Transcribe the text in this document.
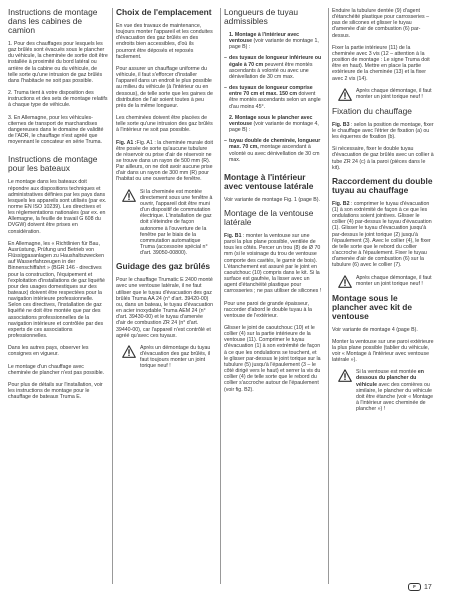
Instructions de montage dans les cabines de camion

1. Pour des chauffages pour lesquels les gaz brûlés sont évacués sous le plancher du véhicule, la cheminée de sortie doit être installée à proximité du bord latéral ou arrière de la cabine ou du véhicule, de telle sorte qu'une intrusion de gaz brûlés dans l'habitacle ne soit pas possible.

2. Truma tient à votre disposition des instructions et des sets de montage relatifs à chaque type de véhicule.

3. En Allemagne, pour les véhicules-citernes de transport de marchandises dangereuses dans le domaine de validité de l'ADR, le chauffage n'est agréé que moyennant le concateur en série Truma.

Instructions de montage pour les bateaux

Le montage dans les bateaux doit répondre aux dispositions techniques et administratives définies par les pays dans lesquels les appareils sont utilisés (par ex. norme EN ISO 10239). Les directives et les réglementations nationales (par ex. en Allemagne, la feuille de travail G 608 du DVGW) doivent être prises en considération.

En Allemagne, les « Richtlinien für Bau, Ausrüstung, Prüfung und Betrieb von Flüssiggasanlagen zu Haushaltszwecken auf Wasserfahrzeugen in der Binnenschiffahrt » (BGR 146 - directives pour la construction, l'équipement et l'exploitation d'installations de gaz liquéfié pour des usages domestiques sur des bateaux) doivent être respectées pour la navigation intérieure professionnelle. Selon ces directives, l'installation de gaz liquéfié ne doit être montée que par des associations professionnelles de la navigation intérieure et contrôlée par des experts de ces associations professionnelles.

Dans les autres pays, observer les consignes en vigueur.

Le montage d'un chauffage avec cheminée de plancher n'est pas possible.

Pour plus de détails sur l'installation, voir les instructions de montage pour le chauffage de bateaux Truma E.

Choix de l'emplacement

En vue des travaux de maintenance, toujours monter l'appareil et les conduites d'évacuation des gaz brûlés en des endroits bien accessibles, d'où ils pourront être déposés et reposés facilement.

Pour assurer un chauffage uniforme du véhicule, il faut s'efforcer d'installer l'appareil dans un endroit le plus possible au milieu du véhicule (à l'intérieur ou en dessous), de telle sorte que les gaines de distribution de l'air soient toutes à peu près de la même longueur.

Les cheminées doivent être placées de telle sorte qu'une intrusion des gaz brûlés à l'intérieur ne soit pas possible.

Fig. A1 :Fig. A1 : la cheminée murale doit être posée de sorte qu'aucune tubulure de réservoir ou prise d'air de réservoir ne se trouve dans un rayon de 500 mm (R). Par ailleurs, on ne doit avoir aucune prise d'air dans un rayon de 300 mm (R) pour l'habitat ou une ouverture de fenêtre.

Si la cheminée est montée directement sous une fenêtre à ouvrir, l'appareil doit être muni d'un dispositif de commutation électrique. L'installation de gaz doit s'éteindre de façon autonome à l'ouverture de la fenêtre par le biais de la commutation automatique Truma (accessoire spécial n° d'art. 39050-00800).
Guidage des gaz brûlés

Pour le chauffage Trumatic E 2400 monté avec une ventouse latérale, il ne faut utiliser que le tuyau d'évacuation des gaz brûlés Truma AA 24 (n° d'art. 39420-00) ou, dans un bateau, le tuyau d'évacuation en acier inoxydable Truma AEM 24 (n° d'art. 39430-00) et le tuyau d'amenée d'air de combustion ZR 24 (n° d'art. 39440-00), car l'appareil n'est contrôlé et agréé qu'avec ces tuyaux.

Après un démontage du tuyau d'évacuation des gaz brûlés, il faut toujours monter un joint torique neuf !
Longueurs de tuyau admissibles
1. Montage à l'intérieur avec ventouse (voir variante de montage 1, page B) :
– des tuyaux de longueur inférieure ou égale à 70 cm peuvent être montés ascendants à volonté ou avec une dénivellation de 30 cm max.
– des tuyaux de longueur comprise entre 70 cm et max. 150 cm doivent être montés ascendants selon un angle d'au moins 45°.
2. Montage sous le plancher avec ventouse (voir variante de montage 4, page B) :
– tuyau double de cheminée, longueur max. 70 cm, montage ascendant à volonté ou avec dénivellation de 30 cm max.
Montage à l'intérieur avec ventouse latérale

Voir variante de montage Fig. 1 (page B).

Montage de la ventouse latérale

Fig. B1 : monter la ventouse sur une paroi la plus plane possible, ventilée de tous les côtés. Percer un trou (8) de Ø 70 mm (si le voisinage du trou de ventouse comporte des cavités, le garnir de bois). L'étanchement est assuré par le joint en caoutchouc (10) compris dans le kit. Si la surface est gaufrée, la lisser avec un agent d'étanchéité plastique pour carrosseries ; ne pas utiliser de silicones !

Pour une paroi de grande épaisseur, raccorder d'abord le double tuyau à la ventouse de l'extérieur.

Glisser le joint de caoutchouc (10) et le collier (4) sur la partie intérieure de la ventouse (11). Comprimer le tuyau d'évacuation (1) à son extrémité de façon à ce que les ondulations se touchent, et le glisser par-dessus le joint torique sur la tubulure (5) jusqu'à l'épaulement (3 – le côté dirigé vers le haut) et serrer la vis du collier (4) de telle sorte que le rebord du collier s'accroche autour de l'épaulement (voir fig. B2).

Enduire la tubulure dentée (9) d'agent d'étanchéité plastique pour carrosseries – pas de silicones et glisser le tuyau d'amenée d'air de combustion (6) par-dessus.

Fixer la partie intérieure (11) de la cheminée avec 3 vis (12 – attention à la position de montage : Le signe Truma doit être en haut). Mettre en place la partie extérieure de la cheminée (13) et la fixer avec 2 vis (14).

Après chaque démontage, il faut monter un joint torique neuf !
Fixation du chauffage

Fig. B3 : selon la position de montage, fixer le chauffage avec l'étrier de fixation (a) ou les équerres de fixation (b).

Si nécessaire, fixer le double tuyau d'évacuation de gaz brûlés avec un collier à tube ZR 24 (c) à la paroi (pièces dans le kit).

Raccordement du double tuyau au chauffage

Fig. B2 : comprimer le tuyau d'évacuation (1) à son extrémité de façon à ce que les ondulations soient jointives. Glisser le collier (4) par-dessus le tuyau d'évacuation (1). Glisser le tuyau d'évacuation jusqu'à par-dessus le joint torique (2) jusqu'à l'épaulement (3). Avec le collier (4), le fixer de telle sorte que le rebord du collier s'accroche à l'épaulement. Fixer le tuyau d'amenée d'air de combustion (6) sur la tubulure (6) avec le collier (7).

Après chaque démontage, il faut monter un joint torique neuf !
Montage sous le plancher avec kit de ventouse

Voir variante de montage 4 (page B).

Monter la ventouse sur une paroi extérieure la plus plane possible (tablier du véhicule, voir « Montage à l'intérieur avec ventouse latérale »).

Si la ventouse est montée en dessous du plancher du véhicule avec des cornières ou similaire, le plancher du véhicule doit être étanche (voir « Montage à l'intérieur avec cheminée de plancher ») !
F	17
